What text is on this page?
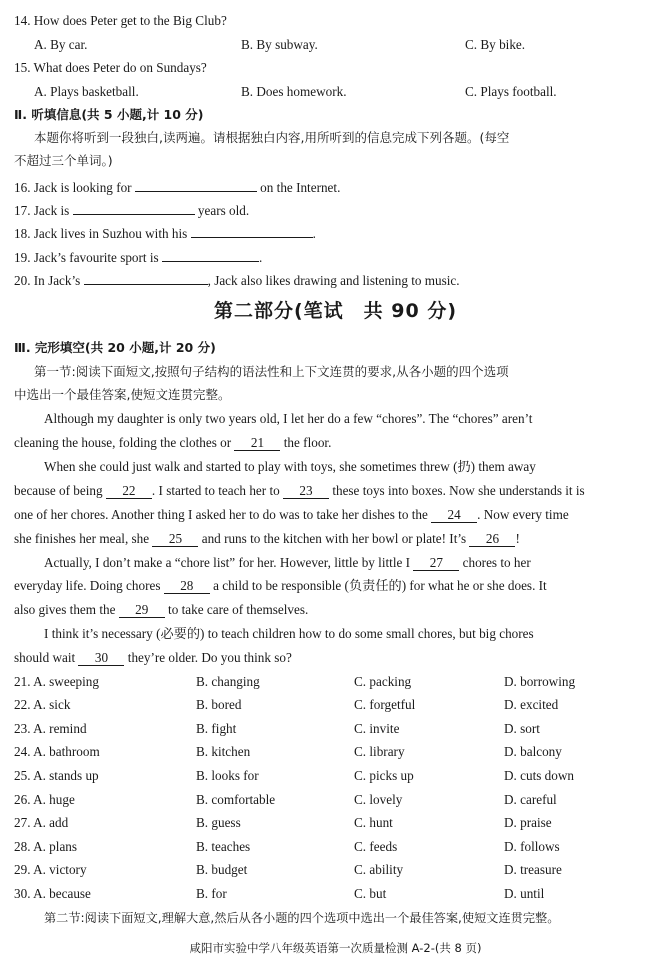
14. How does Peter get to the Big Club?
A. By car.	B. By subway.	C. By bike.
15. What does Peter do on Sundays?
A. Plays basketball.	B. Does homework.	C. Plays football.
Ⅱ. 听填信息(共 5 小题,计 10 分)
本题你将听到一段独白,读两遍。请根据独白内容,用所听到的信息完成下列各题。(每空
不超过三个单词。)
16. Jack is looking for	on the Internet.
17. Jack is	years old.
18. Jack lives in Suzhou with his	.
19. Jack’s favourite sport is	.
20. In Jack’s	, Jack also likes drawing and listening to music.
第二部分(笔试　共 90 分)
Ⅲ. 完形填空(共 20 小题,计 20 分)
第一节:阅读下面短文,按照句子结构的语法性和上下文连贯的要求,从各小题的四个选项
中选出一个最佳答案,使短文连贯完整。
Although my daughter is only two years old, I let her do a few “chores”. The “chores” aren’t
cleaning the house, folding the clothes or 21 the floor.
When she could just walk and started to play with toys, she sometimes threw (扔) them away
because of being 22 . I started to teach her to 23 these toys into boxes. Now she understands it is
one of her chores. Another thing I asked her to do was to take her dishes to the 24 . Now every time
she finishes her meal, she 25 and runs to the kitchen with her bowl or plate! It’s 26 !
Actually, I don’t make a “chore list” for her. However, little by little I 27 chores to her
everyday life. Doing chores 28 a child to be responsible (负责任的) for what he or she does. It
also gives them the 29 to take care of themselves.
I think it’s necessary (必要的) to teach children how to do some small chores, but big chores
should wait 30 they’re older. Do you think so?
21. A. sweeping	B. changing	C. packing	D. borrowing
22. A. sick	B. bored	C. forgetful	D. excited
23. A. remind	B. fight	C. invite	D. sort
24. A. bathroom	B. kitchen	C. library	D. balcony
25. A. stands up	B. looks for	C. picks up	D. cuts down
26. A. huge	B. comfortable	C. lovely	D. careful
27. A. add	B. guess	C. hunt	D. praise
28. A. plans	B. teaches	C. feeds	D. follows
29. A. victory	B. budget	C. ability	D. treasure
30. A. because	B. for	C. but	D. until
第二节:阅读下面短文,理解大意,然后从各小题的四个选项中选出一个最佳答案,使短文连贯完整。
咸阳市实验中学八年级英语第一次质量检测 A-2-(共 8 页)
